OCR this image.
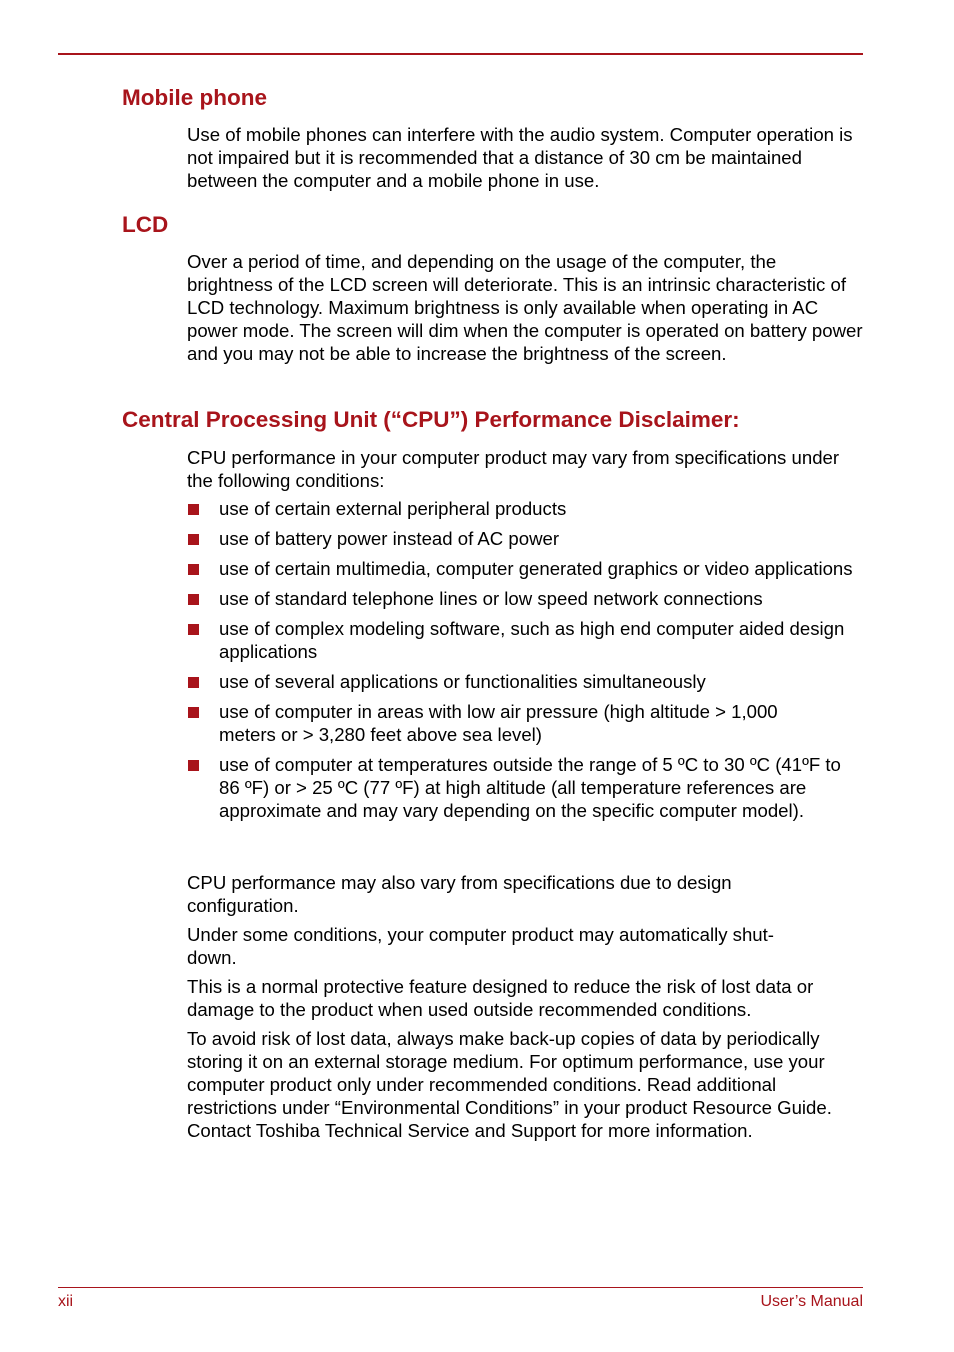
Mobile phone

Use of mobile phones can interfere with the audio system. Computer operation is not impaired but it is recommended that a distance of 30 cm be maintained between the computer and a mobile phone in use.

LCD

Over a period of time, and depending on the usage of the computer, the brightness of the LCD screen will deteriorate. This is an intrinsic characteristic of LCD technology. Maximum brightness is only available when operating in AC power mode. The screen will dim when the computer is operated on battery power and you may not be able to increase the brightness of the screen.

Central Processing Unit (“CPU”) Performance Disclaimer:

CPU performance in your computer product may vary from specifications under the following conditions:

use of certain external peripheral products
use of battery power instead of AC power
use of certain multimedia, computer generated graphics or video applications
use of standard telephone lines or low speed network connections
use of complex modeling software, such as high end computer aided design applications
use of several applications or functionalities simultaneously
use of computer in areas with low air pressure (high altitude > 1,000 meters or > 3,280 feet above sea level)
use of computer at temperatures outside the range of 5 ºC to 30 ºC (41ºF to 86 ºF) or > 25 ºC (77 ºF) at high altitude (all temperature references are approximate and may vary depending on the specific computer model).

CPU performance may also vary from specifications due to design configuration.

Under some conditions, your computer product may automatically shut-down.

This is a normal protective feature designed to reduce the risk of lost data or damage to the product when used outside recommended conditions.

To avoid risk of lost data, always make back-up copies of data by periodically storing it on an external storage medium. For optimum performance, use your computer product only under recommended conditions. Read additional restrictions under “Environmental Conditions” in your product Resource Guide. Contact Toshiba Technical Service and Support for more information.

xii	User’s Manual
